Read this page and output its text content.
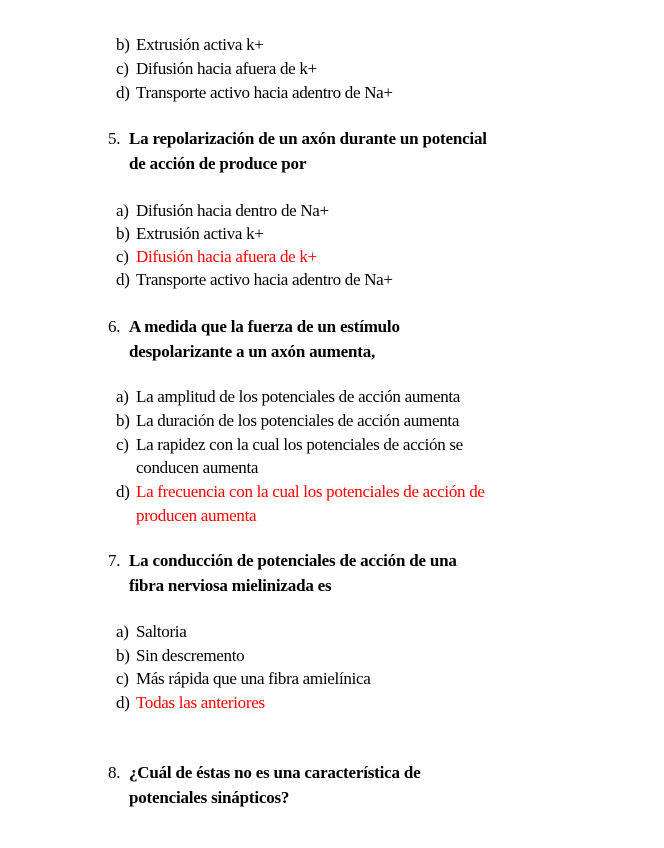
b) Extrusión activa k+
c) Difusión hacia afuera de k+
d) Transporte activo hacia adentro de Na+
5. La repolarización de un axón durante un potencial
de acción de produce por
a) Difusión hacia dentro de Na+
b) Extrusión activa k+
c) Difusión hacia afuera de k+
d) Transporte activo hacia adentro de Na+
6. A medida que la fuerza de un estímulo
despolarizante a un axón aumenta,
a) La amplitud de los potenciales de acción aumenta
b) La duración de los potenciales de acción aumenta
c) La rapidez con la cual los potenciales de acción se
conducen aumenta
d) La frecuencia con la cual los potenciales de acción de
producen aumenta
7. La conducción de potenciales de acción de una
fibra nerviosa mielinizada es
a) Saltoria
b) Sin descremento
c) Más rápida que una fibra amielínica
d) Todas las anteriores
8. ¿Cuál de éstas no es una característica de
potenciales sinápticos?
